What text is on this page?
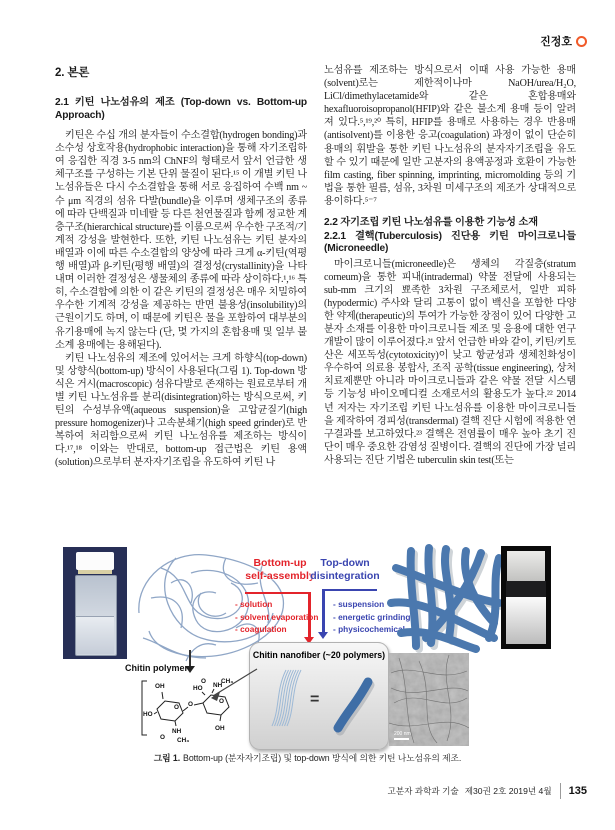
진정호
2. 본론
2.1 키틴 나노섬유의 제조 (Top-down vs. Bottom-up Approach)

키틴은 수십 개의 분자들이 수소결합(hydrogen bonding)과 소수성 상호작용(hydrophobic interaction)을 통해 자기조립하여 응집한 직경 3-5 nm의 ChNF의 형태로서 앞서 언급한 생체구조를 구성하는 기본 단위 물질이 된다.¹⁵ 이 개별 키틴 나노섬유들은 다시 수소결합을 통해 서로 응집하여 수백 nm ~ 수 μm 직경의 섬유 다발(bundle)을 이루며 생체구조의 종류에 따라 단백질과 미네랄 등 다른 천연물질과 함께 정교한 계층구조(hierarchical structure)를 이룸으로써 우수한 구조적/기계적 강성을 발현한다. 또한, 키틴 나노섬유는 키틴 분자의 배열과 이에 따른 수소결합의 양상에 따라 크게 α-키틴(역평행 배열)과 β-키틴(평행 배열)의 결정성(crystallinity)을 나타내며 이러한 결정성은 생물체의 종류에 따라 상이하다.¹,¹⁶ 특히, 수소결합에 의한 이 같은 키틴의 결정성은 매우 치밀하여 우수한 기계적 강성을 제공하는 반면 불용성(insolubility)의 근원이기도 하며, 이 때문에 키틴은 물을 포함하여 대부분의 유기용매에 녹지 않는다 (단, 몇 가지의 혼합용매 및 일부 불소계 용매에는 용해된다).

키틴 나노섬유의 제조에 있어서는 크게 하향식(top-down) 및 상향식(bottom-up) 방식이 사용된다(그림 1). Top-down 방식은 거시(macroscopic) 섬유다발로 존재하는 원료로부터 개별 키틴 나노섬유를 분리(disintegration)하는 방식으로써, 키틴의 수성부유액(aqueous suspension)을 고압균질기(high pressure homogenizer)나 고속분쇄기(high speed grinder)로 반복하여 처리함으로써 키틴 나노섬유를 제조하는 방식이다.¹⁷,¹⁸ 이와는 반대로, bottom-up 접근법은 키틴 용액(solution)으로부터 분자자기조립을 유도하여 키틴 나

노섬유를 제조하는 방식으로서 이때 사용 가능한 용매(solvent)로는 제한적이나마 NaOH/urea/H₂O, LiCl/dimethylacetamide와 같은 혼합용매와 hexafluoroisopropanol(HFIP)와 같은 불소계 용매 등이 알려져 있다.⁵,¹⁹,²⁰ 특히, HFIP를 용매로 사용하는 경우 반용매(antisolvent)를 이용한 응고(coagulation) 과정이 없이 단순히 용매의 휘발을 통한 키틴 나노섬유의 분자자기조립을 유도할 수 있기 때문에 일반 고분자의 용액공정과 호환이 가능한 film casting, fiber spinning, imprinting, micromolding 등의 기법을 통한 필름, 섬유, 3차원 미세구조의 제조가 상대적으로 용이하다.⁵⁻⁷

2.2 자기조립 키틴 나노섬유를 이용한 기능성 소재
2.2.1 결핵(Tuberculosis) 진단용 키틴 마이크로니들(Microneedle)

마이크로니들(microneedle)은 생체의 각질층(stratum corneum)을 통한 피내(intradermal) 약물 전달에 사용되는 sub-mm 크기의 뾰족한 3차원 구조체로서, 일반 피하(hypodermic) 주사와 달리 고통이 없이 백신을 포함한 다양한 약제(therapeutic)의 투여가 가능한 장점이 있어 다양한 고분자 소재를 이용한 마이크로니들 제조 및 응용에 대한 연구개발이 많이 이루어졌다.²¹ 앞서 언급한 바와 같이, 키틴/키토산은 세포독성(cytotoxicity)이 낮고 항균성과 생체친화성이 우수하여 의료용 봉합사, 조직 공학(tissue engineering), 상처치료제뿐만 아니라 마이크로니들과 같은 약물 전달 시스템 등 기능성 바이오메디컬 소재로서의 활용도가 높다.²² 2014년 저자는 자기조립 키틴 나노섬유를 이용한 마이크로니들을 제작하여 경피성(transdermal) 결핵 진단 시험에 적용한 연구결과를 보고하였다.²³ 결핵은 전염률이 매우 높아 초기 진단이 매우 중요한 감염성 질병이다. 결핵의 진단에 가장 널리 사용되는 진단 기법은 tuberculin skin test(또는

Chitin polymer
OH
HO
NH
O CH₃
O O	O
HO NH
O CH₃
OH
Bottom-up
self-assembly
- solution
- solvent evaporation
- coagulation
Top-down
disintegration
- suspension
- energetic grinding
- physicochemical
Chitin nanofiber (~20 polymers)
=
200 nm
그림 1. Bottom-up (분자자기조립) 및 top-down 방식에 의한 키틴 나노섬유의 제조.
고분자 과학과 기술 제30권 2호 2019년 4월 135
